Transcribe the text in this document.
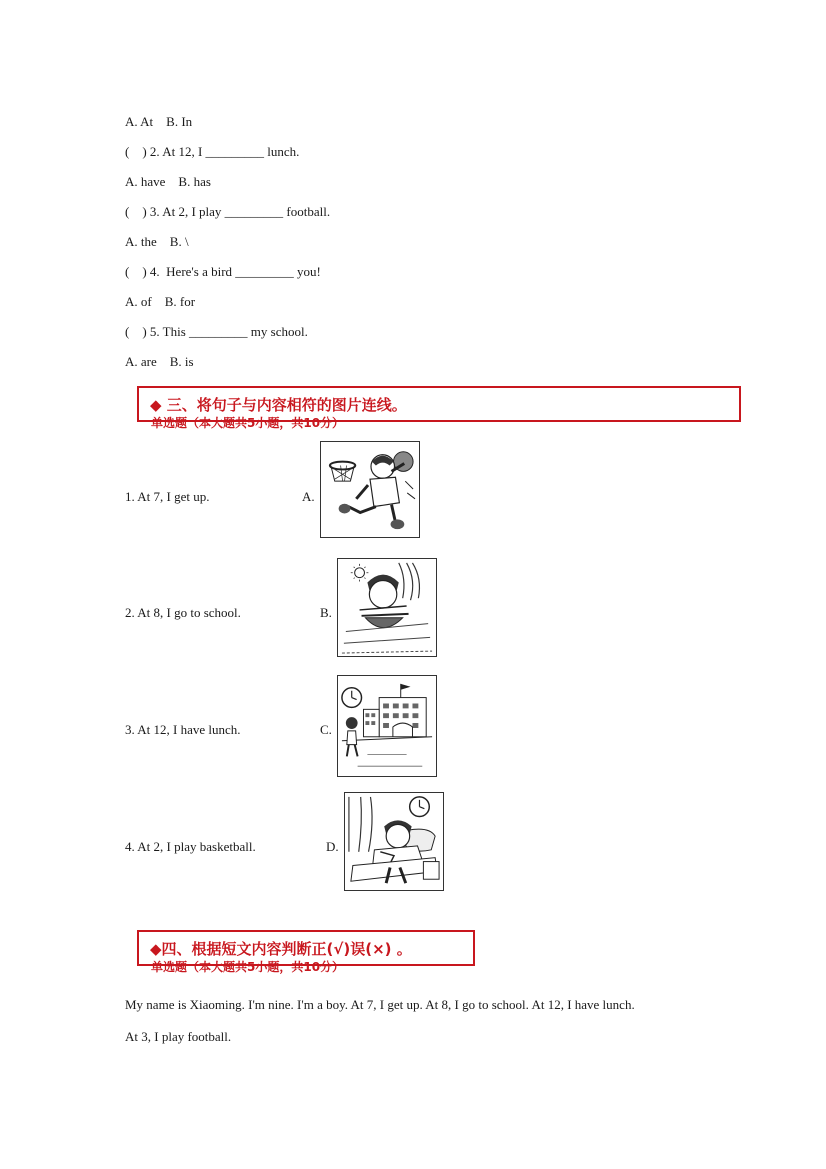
A. At    B. In
(    ) 2. At 12, I _________ lunch.
A. have    B. has
(    ) 3. At 2, I play _________ football.
A. the    B. \
(    ) 4.  Here's a bird _________ you!
A. of    B. for
(    ) 5. This _________ my school.
A. are    B. is
◆ 三、将句子与内容相符的图片连线。
单选题（本大题共5小题，共10分）
1. At 7, I get up.	A.
2. At 8, I go to school.	B.
3. At 12, I have lunch.	C.
4. At 2, I play basketball.	D.
◆四、根据短文内容判断正(√)误(×) 。
单选题（本大题共5小题，共10分）
My name is Xiaoming. I'm nine. I'm a boy. At 7, I get up. At 8, I go to school. At 12, I have lunch.
At 3, I play football.
